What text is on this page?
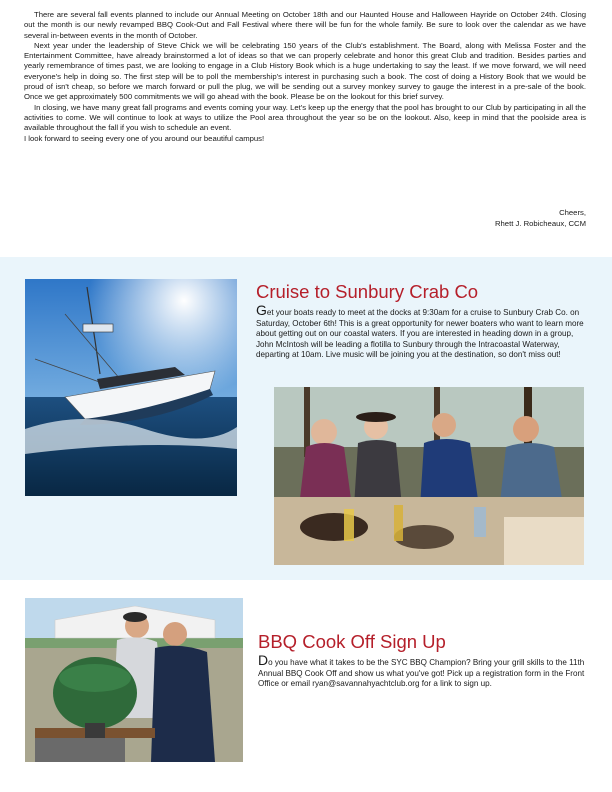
There are several fall events planned to include our Annual Meeting on October 18th and our Haunted House and Halloween Hayride on October 24th. Closing out the month is our newly revamped BBQ Cook-Out and Fall Festival where there will be fun for the whole family. Be sure to look over the calendar as we have several in-between events in the month of October.

Next year under the leadership of Steve Chick we will be celebrating 150 years of the Club's establishment. The Board, along with Melissa Foster and the Entertainment Committee, have already brainstormed a lot of ideas so that we can properly celebrate and honor this great Club and tradition. Besides parties and yearly remembrance of times past, we are looking to engage in a Club History Book which is a huge undertaking to say the least. If we move forward, we will need everyone's help in doing so. The first step will be to poll the membership's interest in purchasing such a book. The cost of doing a History Book that we would be proud of isn't cheap, so before we march forward or pull the plug, we will be sending out a survey monkey survey to gauge the interest in a pre-sale of the book. Once we get approximately 500 commitments we will go ahead with the book. Please be on the lookout for this brief survey.

In closing, we have many great fall programs and events coming your way. Let's keep up the energy that the pool has brought to our Club by participating in all the activities to come. We will continue to look at ways to utilize the Pool area throughout the year so be on the lookout. Also, keep in mind that the poolside area is available throughout the fall if you wish to schedule an event.

I look forward to seeing every one of you around our beautiful campus!
Cheers,
Rhett J. Robicheaux, CCM
Cruise to Sunbury Crab Co

Get your boats ready to meet at the docks at 9:30am for a cruise to Sunbury Crab Co. on Saturday, October 6th! This is a great opportunity for newer boaters who want to learn more about getting out on our coastal waters. If you are interested in heading down in a group, John McIntosh will be leading a flotilla to Sunbury through the Intracoastal Waterway, departing at 10am. Live music will be joining you at the destination, so don't miss out!

BBQ Cook Off Sign Up

Do you have what it takes to be the SYC BBQ Champion? Bring your grill skills to the 11th Annual BBQ Cook Off and show us what you've got! Pick up a registration form in the Front Office or email ryan@savannahyachtclub.org for a link to sign up.
